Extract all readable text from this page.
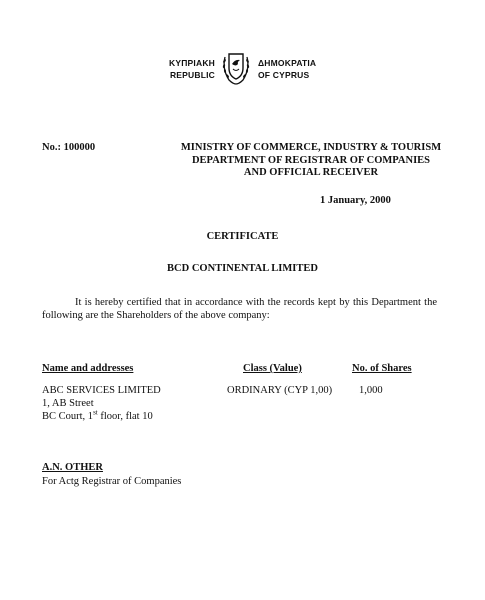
ΚΥΠΡΙΑΚΗ
REPUBLIC
ΔΗΜΟΚΡΑΤΙΑ
OF CYPRUS
No.: 100000	MINISTRY OF COMMERCE, INDUSTRY & TOURISM
DEPARTMENT OF REGISTRAR OF COMPANIES
AND OFFICIAL RECEIVER
1 January, 2000
CERTIFICATE
BCD CONTINENTAL LIMITED
It is hereby certified that in accordance with the records kept by this Department the following are the Shareholders of the above company:
Name and addresses	Class (Value)	No. of Shares
ABC SERVICES LIMITED
1, AB Street
BC Court, 1st floor, flat 10
ORDINARY (CYP 1,00)	1,000
A.N. OTHER
For Actg Registrar of Companies
